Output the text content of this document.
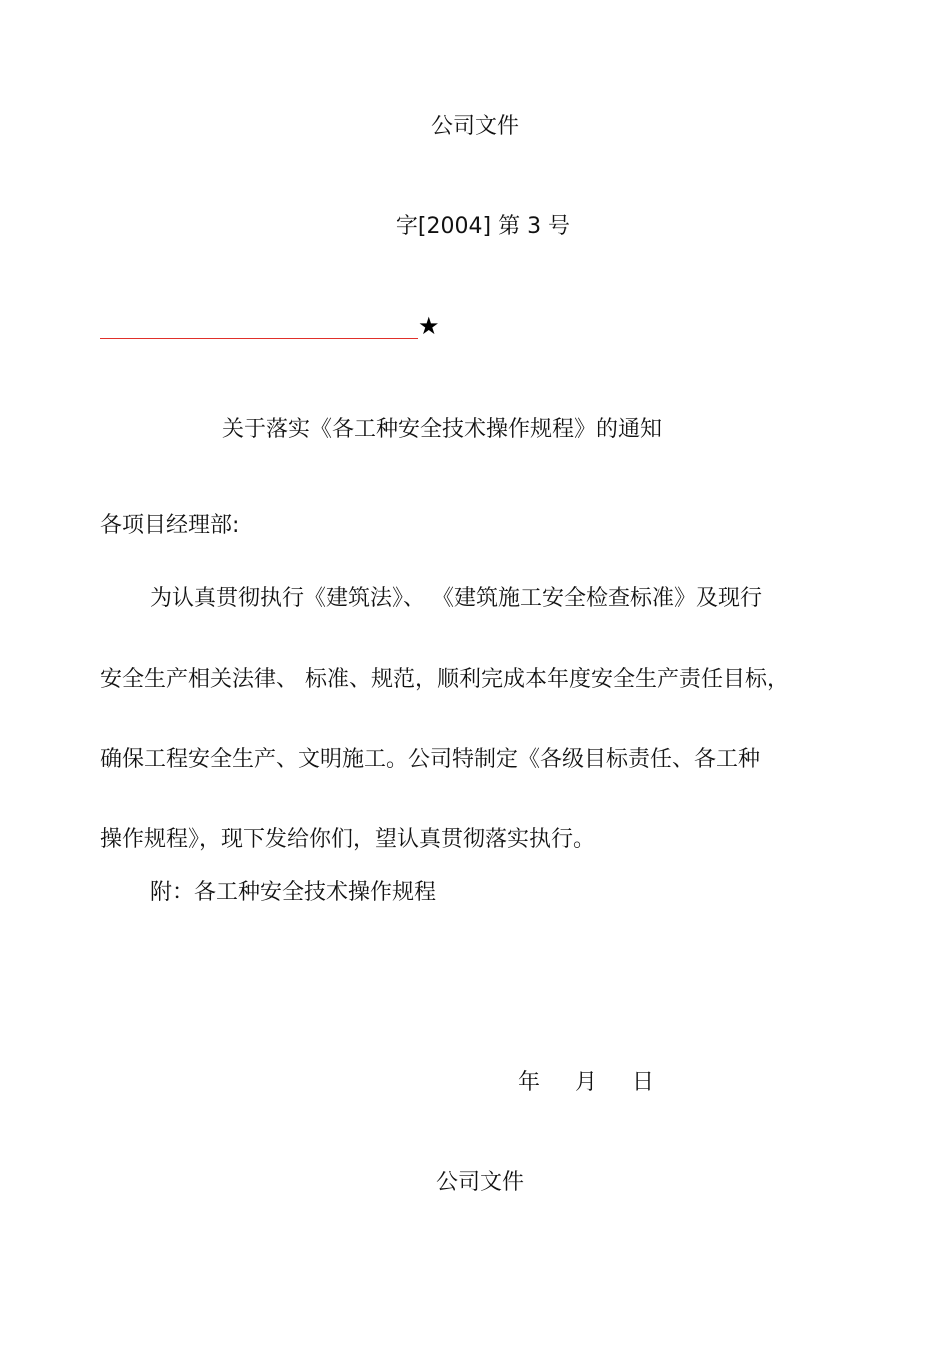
公司文件
字[2004] 第 3 号
★
关于落实《各工种安全技术操作规程》的通知
各项目经理部:
为认真贯彻执行《建筑法》、 《建筑施工安全检查标准》及现行
安全生产相关法律、 标准、规范，顺利完成本年度安全生产责任目标，
确保工程安全生产、文明施工。公司特制定《各级目标责任、各工种
操作规程》，现下发给你们，望认真贯彻落实执行。
附：各工种安全技术操作规程
年 月 日
公司文件
